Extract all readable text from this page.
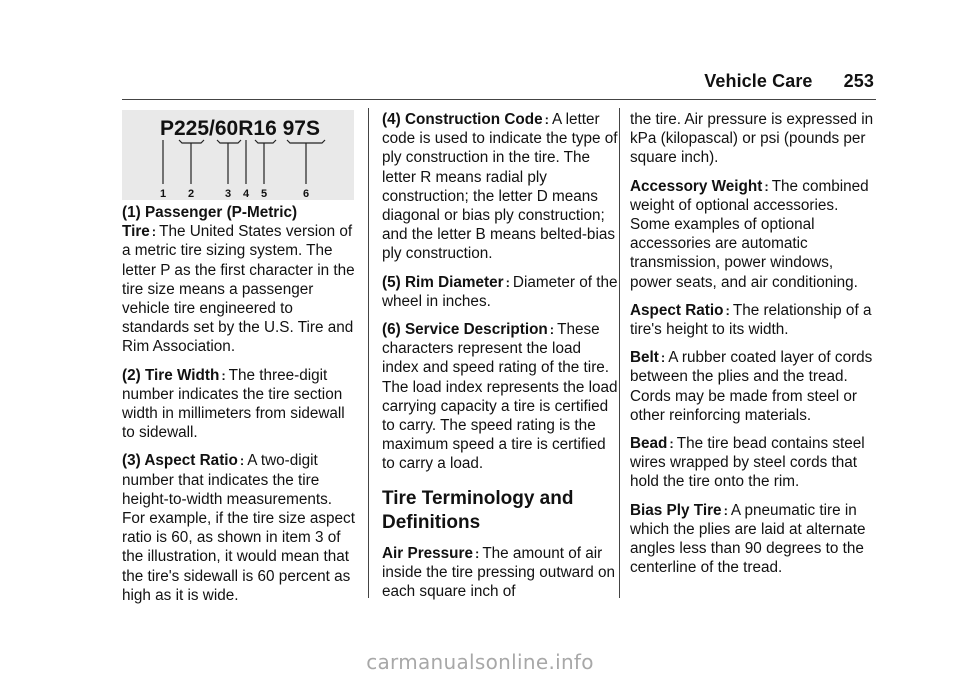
Vehicle Care 253
P225/60R16 97S
1 2	3 4 5	6

(1) Passenger (P-Metric) Tire : The United States version of a metric tire sizing system. The letter P as the first character in the tire size means a passenger vehicle tire engineered to standards set by the U.S. Tire and Rim Association.

(2) Tire Width : The three-digit number indicates the tire section width in millimeters from sidewall to sidewall.

(3) Aspect Ratio : A two-digit number that indicates the tire height-to-width measurements. For example, if the tire size aspect ratio is 60, as shown in item 3 of the illustration, it would mean that the tire's sidewall is 60 percent as high as it is wide.

(4) Construction Code : A letter code is used to indicate the type of ply construction in the tire. The letter R means radial ply construction; the letter D means diagonal or bias ply construction; and the letter B means belted-bias ply construction.

(5) Rim Diameter : Diameter of the wheel in inches.

(6) Service Description : These characters represent the load index and speed rating of the tire. The load index represents the load carrying capacity a tire is certified to carry. The speed rating is the maximum speed a tire is certified to carry a load.

Tire Terminology and Definitions

Air Pressure : The amount of air inside the tire pressing outward on each square inch of

the tire. Air pressure is expressed in kPa (kilopascal) or psi (pounds per square inch).

Accessory Weight : The combined weight of optional accessories. Some examples of optional accessories are automatic transmission, power windows, power seats, and air conditioning.

Aspect Ratio : The relationship of a tire's height to its width.

Belt : A rubber coated layer of cords between the plies and the tread. Cords may be made from steel or other reinforcing materials.

Bead : The tire bead contains steel wires wrapped by steel cords that hold the tire onto the rim.

Bias Ply Tire : A pneumatic tire in which the plies are laid at alternate angles less than 90 degrees to the centerline of the tread.

carmanualsonline.info
